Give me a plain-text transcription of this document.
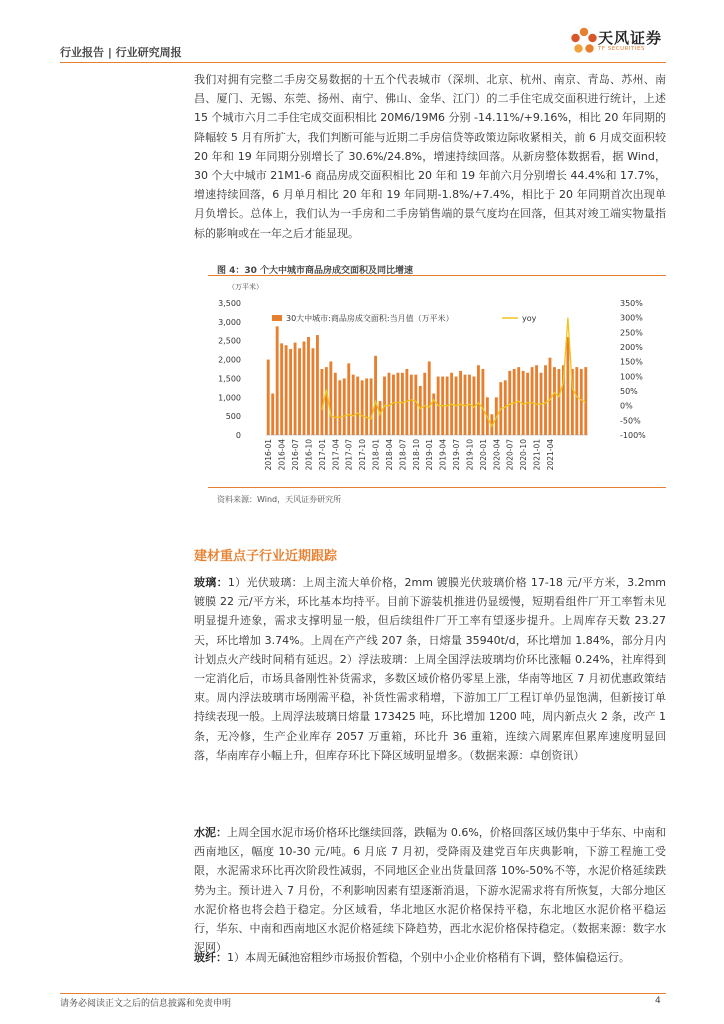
行业报告 | 行业研究周报
天风证券
TF SECURITIES
我们对拥有完整二手房交易数据的十五个代表城市（深圳、北京、杭州、南京、青岛、苏州、南昌、厦门、无锡、东莞、扬州、南宁、佛山、金华、江门）的二手住宅成交面积进行统计，上述 15 个城市六月二手住宅成交面积相比 20M6/19M6 分别 -14.11%/+9.16%，相比 20 年同期的降幅较 5 月有所扩大，我们判断可能与近期二手房信贷等政策边际收紧相关，前 6 月成交面积较 20 年和 19 年同期分别增长了 30.6%/24.8%，增速持续回落。从新房整体数据看，据 Wind，30 个大中城市 21M1-6 商品房成交面积相比 20 年和 19 年前六月分别增长 44.4%和 17.7%，增速持续回落，6 月单月相比 20 年和 19 年同期-1.8%/+7.4%，相比于 20 年同期首次出现单月负增长。总体上，我们认为一手房和二手房销售端的景气度均在回落，但其对竣工端实物量指标的影响或在一年之后才能显现。
图 4：30 个大中城市商品房成交面积及同比增速
（万平米）
0
500
1,000
1,500
2,000
2,500
3,000
3,500
-100%
-50%
0%
50%
100%
150%
200%
250%
300%
350%
2016-01 2016-04 2016-07 2016-10 2017-01 2017-04 2017-07 2017-10 2018-01 2018-04 2018-07 2018-10 2019-01 2019-04 2019-07 2019-10 2020-01 2020-04 2020-07 2020-10 2021-01 2021-04
30大中城市:商品房成交面积:当月值（万平米）	yoy
资料来源：Wind，天风证券研究所
建材重点子行业近期跟踪
玻璃：1）光伏玻璃：上周主流大单价格，2mm 镀膜光伏玻璃价格 17-18 元/平方米，3.2mm 镀膜 22 元/平方米，环比基本均持平。目前下游装机推进仍显缓慢，短期看组件厂开工率暂未见明显提升迹象，需求支撑明显一般，但后续组件厂开工率有望逐步提升。上周库存天数 23.27 天，环比增加 3.74%。上周在产产线 207 条，日熔量 35940t/d，环比增加 1.84%，部分月内计划点火产线时间稍有延迟。2）浮法玻璃：上周全国浮法玻璃均价环比涨幅 0.24%，社库得到一定消化后，市场具备刚性补货需求，多数区域价格仍零星上涨，华南等地区 7 月初优惠政策结束。周内浮法玻璃市场刚需平稳，补货性需求稍增，下游加工厂工程订单仍显饱满，但新接订单持续表现一般。上周浮法玻璃日熔量 173425 吨，环比增加 1200 吨，周内新点火 2 条，改产 1 条，无冷修，生产企业库存 2057 万重箱，环比升 36 重箱，连续六周累库但累库速度明显回落，华南库存小幅上升，但库存环比下降区域明显增多。（数据来源：卓创资讯）
水泥：上周全国水泥市场价格环比继续回落，跌幅为 0.6%，价格回落区域仍集中于华东、中南和西南地区，幅度 10-30 元/吨。6 月底 7 月初，受降雨及建党百年庆典影响，下游工程施工受限，水泥需求环比再次阶段性减弱，不同地区企业出货量回落 10%-50%不等，水泥价格延续跌势为主。预计进入 7 月份，不利影响因素有望逐渐消退，下游水泥需求将有所恢复，大部分地区水泥价格也将会趋于稳定。分区域看，华北地区水泥价格保持平稳，东北地区水泥价格平稳运行，华东、中南和西南地区水泥价格延续下降趋势，西北水泥价格保持稳定。（数据来源：数字水泥网）
玻纤：1）本周无碱池窑粗纱市场报价暂稳，个别中小企业价格稍有下调，整体偏稳运行。
请务必阅读正文之后的信息披露和免责申明	4
